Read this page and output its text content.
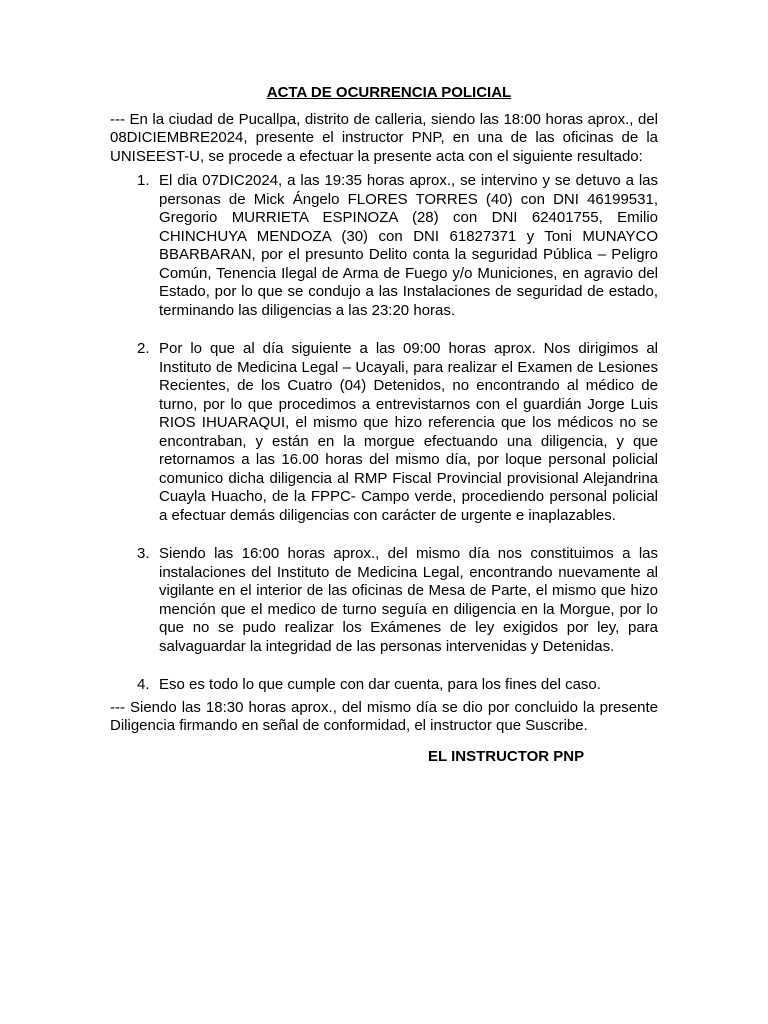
ACTA DE OCURRENCIA POLICIAL

--- En la ciudad de Pucallpa, distrito de calleria, siendo las 18:00 horas aprox., del 08DICIEMBRE2024, presente el instructor PNP, en una de las oficinas de la UNISEEST-U, se procede a efectuar la presente acta con el siguiente resultado:

1. El dia 07DIC2024, a las 19:35 horas aprox., se intervino y se detuvo a las personas de Mick Ángelo FLORES TORRES (40) con DNI 46199531, Gregorio MURRIETA ESPINOZA (28) con DNI 62401755, Emilio CHINCHUYA MENDOZA (30) con DNI 61827371 y Toni MUNAYCO BBARBARAN, por el presunto Delito conta la seguridad Pública – Peligro Común, Tenencia Ilegal de Arma de Fuego y/o Municiones, en agravio del Estado, por lo que se condujo a las Instalaciones de seguridad de estado, terminando las diligencias a las 23:20 horas.
2. Por lo que al día siguiente a las 09:00 horas aprox. Nos dirigimos al Instituto de Medicina Legal – Ucayali, para realizar el Examen de Lesiones Recientes, de los Cuatro (04) Detenidos, no encontrando al médico de turno, por lo que procedimos a entrevistarnos con el guardián Jorge Luis RIOS IHUARAQUI, el mismo que hizo referencia que los médicos no se encontraban, y están en la morgue efectuando una diligencia, y que retornamos a las 16.00 horas del mismo día, por loque personal policial comunico dicha diligencia al RMP Fiscal Provincial provisional Alejandrina Cuayla Huacho, de la FPPC- Campo verde, procediendo personal policial a efectuar demás diligencias con carácter de urgente e inaplazables.
3. Siendo las 16:00 horas aprox., del mismo día nos constituimos a las instalaciones del Instituto de Medicina Legal, encontrando nuevamente al vigilante en el interior de las oficinas de Mesa de Parte, el mismo que hizo mención que el medico de turno seguía en diligencia en la Morgue, por lo que no se pudo realizar los Exámenes de ley exigidos por ley, para salvaguardar la integridad de las personas intervenidas y Detenidas.
4. Eso es todo lo que cumple con dar cuenta, para los fines del caso.

--- Siendo las 18:30 horas aprox., del mismo día se dio por concluido la presente Diligencia firmando en señal de conformidad, el instructor que Suscribe.

EL INSTRUCTOR PNP
